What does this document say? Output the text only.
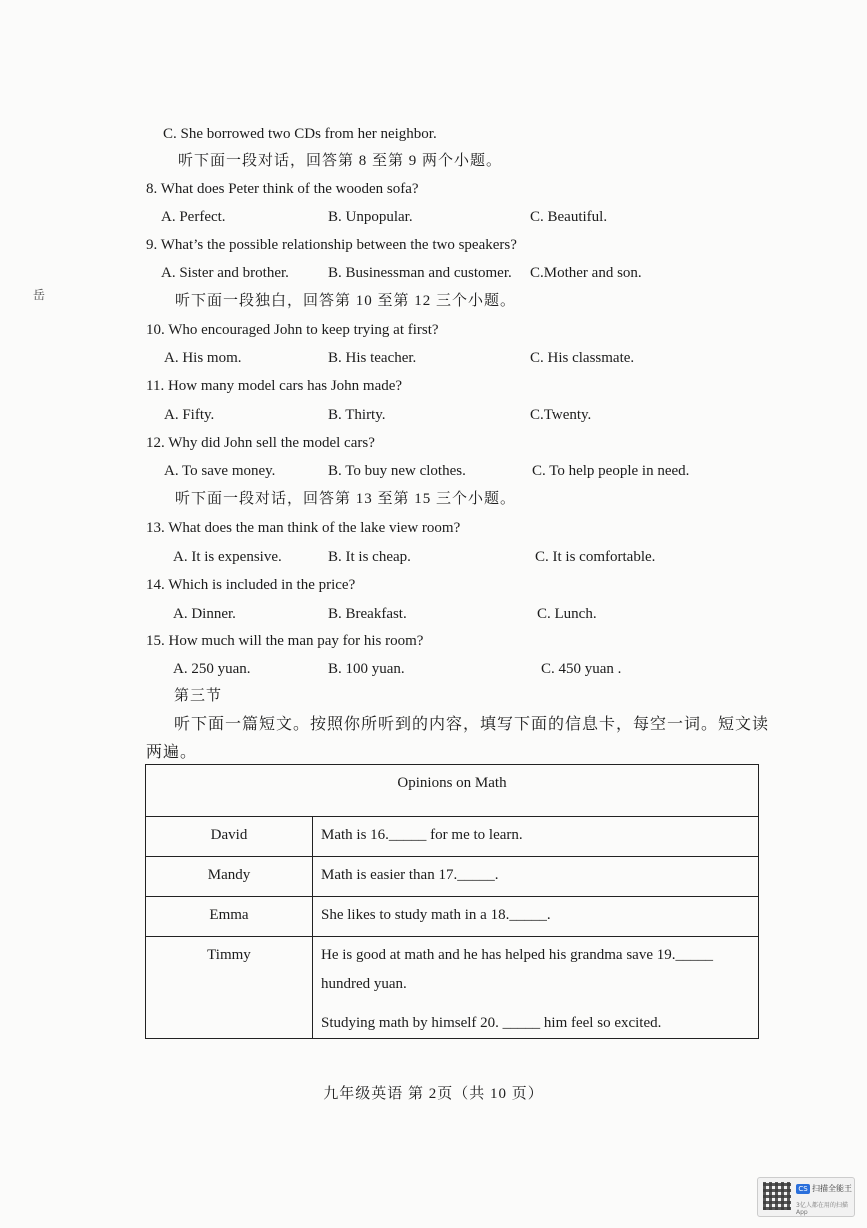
岳
C. She borrowed two CDs from her neighbor.
听下面一段对话，回答第 8 至第 9 两个小题。
8. What does Peter think of the wooden sofa?
A. Perfect.	B. Unpopular.	C. Beautiful.
9. What’s the possible relationship between the two speakers?
A. Sister and brother.	B. Businessman and customer. C.Mother and son.
听下面一段独白，回答第 10 至第 12 三个小题。
10. Who encouraged John to keep trying at first?
A. His mom.	B. His teacher.	C. His classmate.
11. How many model cars has John made?
A. Fifty.	B. Thirty.	C.Twenty.
12. Why did John sell the model cars?
A. To save money.	B. To buy new clothes.	C. To help people in need.
听下面一段对话，回答第 13 至第 15 三个小题。
13. What does the man think of the lake view room?
A. It is expensive.	B. It is cheap.	C. It is comfortable.
14. Which is included in the price?
A. Dinner.	B. Breakfast.	C. Lunch.
15. How much will the man pay for his room?
A. 250 yuan.	B. 100 yuan.	C. 450 yuan .
第三节
听下面一篇短文。按照你所听到的内容，填写下面的信息卡，每空一词。短文读
两遍。
Opinions on Math	
David	Math is 16._____ for me to learn.
Mandy	Math is easier than 17._____.
Emma	She likes to study math in a 18._____.
Timmy	He is good at math and he has helped his grandma save 19._____
hundred yuan.
Studying math by himself 20. _____ him feel so excited.
九年级英语 第 2页（共 10 页）
CS 扫描全能王
3亿人都在用的扫描App
